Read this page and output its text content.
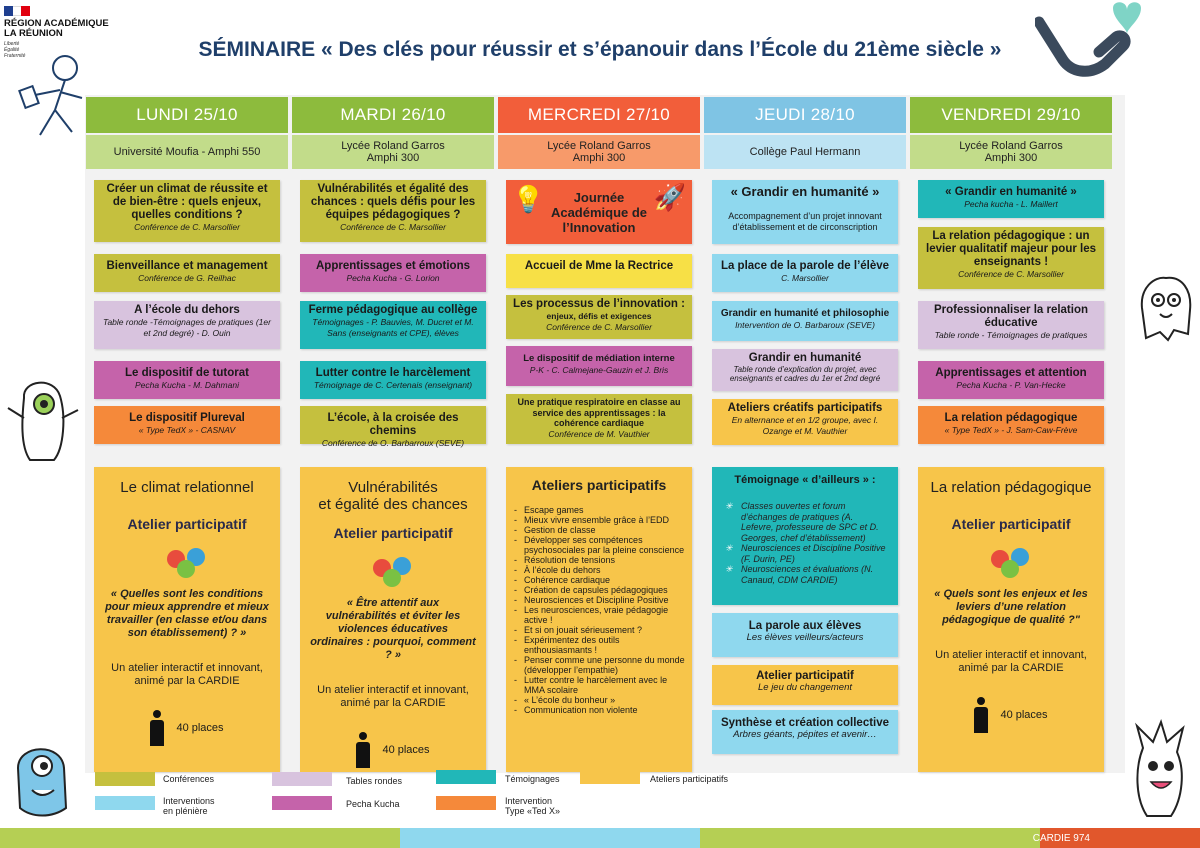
RÉGION ACADÉMIQUE
LA RÉUNION
Liberté
Égalité
Fraternité	SÉMINAIRE « Des clés pour réussir et s’épanouir dans l’École du 21ème siècle »
LUNDI 25/10
Université Moufia - Amphi 550
Créer un climat de réussite et de bien-être : quels enjeux, quelles conditions ?
Conférence de C. Marsollier
Bienveillance et management
Conférence de G. Reilhac
A l’école du dehors
Table ronde -Témoignages de pratiques (1er et 2nd degré) - D. Ouin
Le dispositif de tutorat
Pecha Kucha - M. Dahmani
Le dispositif Plureval
« Type TedX » - CASNAV
Le climat relationnel
Atelier participatif
« Quelles sont les conditions pour mieux apprendre et mieux travailler (en classe et/ou dans son établissement) ? »
Un atelier interactif et innovant, animé par la CARDIE
40 places
MARDI 26/10
Lycée Roland Garros
Amphi 300
Vulnérabilités et égalité des chances : quels défis pour les équipes pédagogiques ?
Conférence de C. Marsollier
Apprentissages et émotions
Pecha Kucha - G. Lorion
Ferme pédagogique au collège
Témoignages - P. Bauvies, M. Ducret et M. Sans (enseignants et CPE), élèves
Lutter contre le harcèlement
Témoignage de C. Certenais (enseignant)
L’école, à la croisée des chemins
Conférence de O. Barbarroux (SEVE)
Vulnérabilités
et égalité des chances
Atelier participatif
« Être attentif aux vulnérabilités et éviter les violences éducatives ordinaires : pourquoi, comment ? »
Un atelier interactif et innovant, animé par la CARDIE
40 places
MERCREDI 27/10
Lycée Roland Garros
Amphi 300
💡	Journée Académique de l’Innovation
🚀
Accueil de Mme la Rectrice
Les processus de l’innovation :
enjeux, défis et exigences
Conférence de C. Marsollier
Le dispositif de médiation interne
P-K - C. Calmejane-Gauzin et J. Bris
Une pratique respiratoire en classe au service des apprentissages : la cohérence cardiaque
Conférence de M. Vauthier
Ateliers participatifs
- Escape games
- Mieux vivre ensemble grâce à l’EDD
- Gestion de classe
- Développer ses compétences psychosociales par la pleine conscience
- Résolution de tensions
- À l’école du dehors
- Cohérence cardiaque
- Création de capsules pédagogiques
- Neurosciences et Discipline Positive
- Les neurosciences, vraie pédagogie active !
- Et si on jouait sérieusement ?
- Expérimentez des outils enthousiasmants !
- Penser comme une personne du monde (développer l’empathie)
- Lutter contre le harcèlement avec le MMA scolaire
- « L’école du bonheur »
- Communication non violente
JEUDI 28/10
Collège Paul Hermann
« Grandir en humanité »
Accompagnement d’un projet innovant d’établissement et de circonscription
La place de la parole de l’élève
C. Marsollier
Grandir en humanité et philosophie
Intervention de O. Barbaroux (SEVE)
Grandir en humanité
Table ronde d’explication du projet, avec enseignants et cadres du 1er et 2nd degré
Ateliers créatifs participatifs
En alternance et en 1/2 groupe, avec I. Ozange et M. Vauthier
Témoignage « d’ailleurs » :
✳ Classes ouvertes et forum d’échanges de pratiques (A. Lefevre, professeure de SPC et D. Georges, chef d’établissement)
✳ Neurosciences et Discipline Positive (F. Durin, PE)
✳ Neurosciences et évaluations (N. Canaud, CDM CARDIE)
La parole aux élèves
Les élèves veilleurs/acteurs
Atelier participatif
Le jeu du changement
Synthèse et création collective
Arbres géants, pépites et avenir…
VENDREDI 29/10
Lycée Roland Garros
Amphi 300
« Grandir en humanité »
Pecha kucha - L. Maillert
La relation pédagogique : un levier qualitatif majeur pour les enseignants !
Conférence de C. Marsollier
Professionnaliser la relation éducative
Table ronde - Témoignages de pratiques
Apprentissages et attention
Pecha Kucha - P. Van-Hecke
La relation pédagogique
« Type TedX » - J. Sam-Caw-Frève
La relation pédagogique
Atelier participatif
« Quels sont les enjeux et les leviers d’une relation pédagogique de qualité ?"
Un atelier interactif et innovant, animé par la CARDIE
40 places
Conférences	Tables rondes	Témoignages	Ateliers participatifs
Interventions
en plénière
Pecha Kucha	Intervention
Type «Ted X»
CARDIE 974
